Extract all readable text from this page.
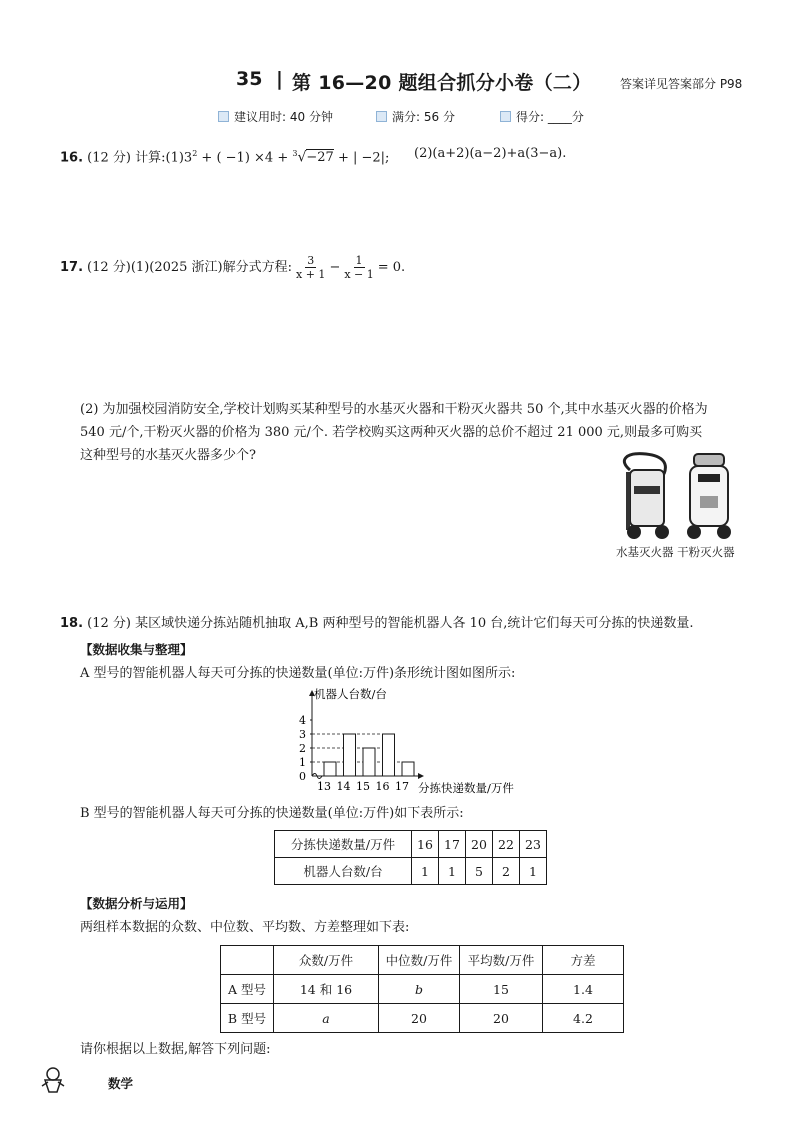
35 | 第 16—20 题组合抓分小卷（二） 答案详见答案部分 P98
建议用时: 40 分钟	满分: 56 分	得分: ____分
16. (12 分) 计算$:(1)3^2$ + ( −1) ×4 + $^3$√−27 + | −2|; (2)(a+2)(a−2)+a(3−a).
17. (12 分)(1)(2025 浙江)解分式方程: $\frac{3}{x + 1} - \frac{1}{x - 1} = 0$.
(2) 为加强校园消防安全,学校计划购买某种型号的水基灭火器和干粉灭火器共 50 个,其中水基灭火器的价格为
540 元/个,干粉灭火器的价格为 380 元/个. 若学校购买这两种灭火器的总价不超过 21 000 元,则最多可购买
这种型号的水基灭火器多少个?
水基灭火器 干粉灭火器
18. (12 分) 某区域快递分拣站随机抽取 A,B 两种型号的智能机器人各 10 台,统计它们每天可分拣的快递数量.
【数据收集与整理】
A 型号的智能机器人每天可分拣的快递数量(单位:万件)条形统计图如图所示:
机器人台数/台
0
1
2
3
4
13 14 15 16 17 分拣快递数量/万件
B 型号的智能机器人每天可分拣的快递数量(单位:万件)如下表所示:
分拣快递数量/万件	16	17	20	22	23
机器人台数/台	1	1	5	2	1
【数据分析与运用】
两组样本数据的众数、中位数、平均数、方差整理如下表:
	众数/万件	中位数/万件	平均数/万件	方差
A 型号	14 和 16	b	15	1.4
B 型号	a	20	20	4.2
请你根据以上数据,解答下列问题:
数学
